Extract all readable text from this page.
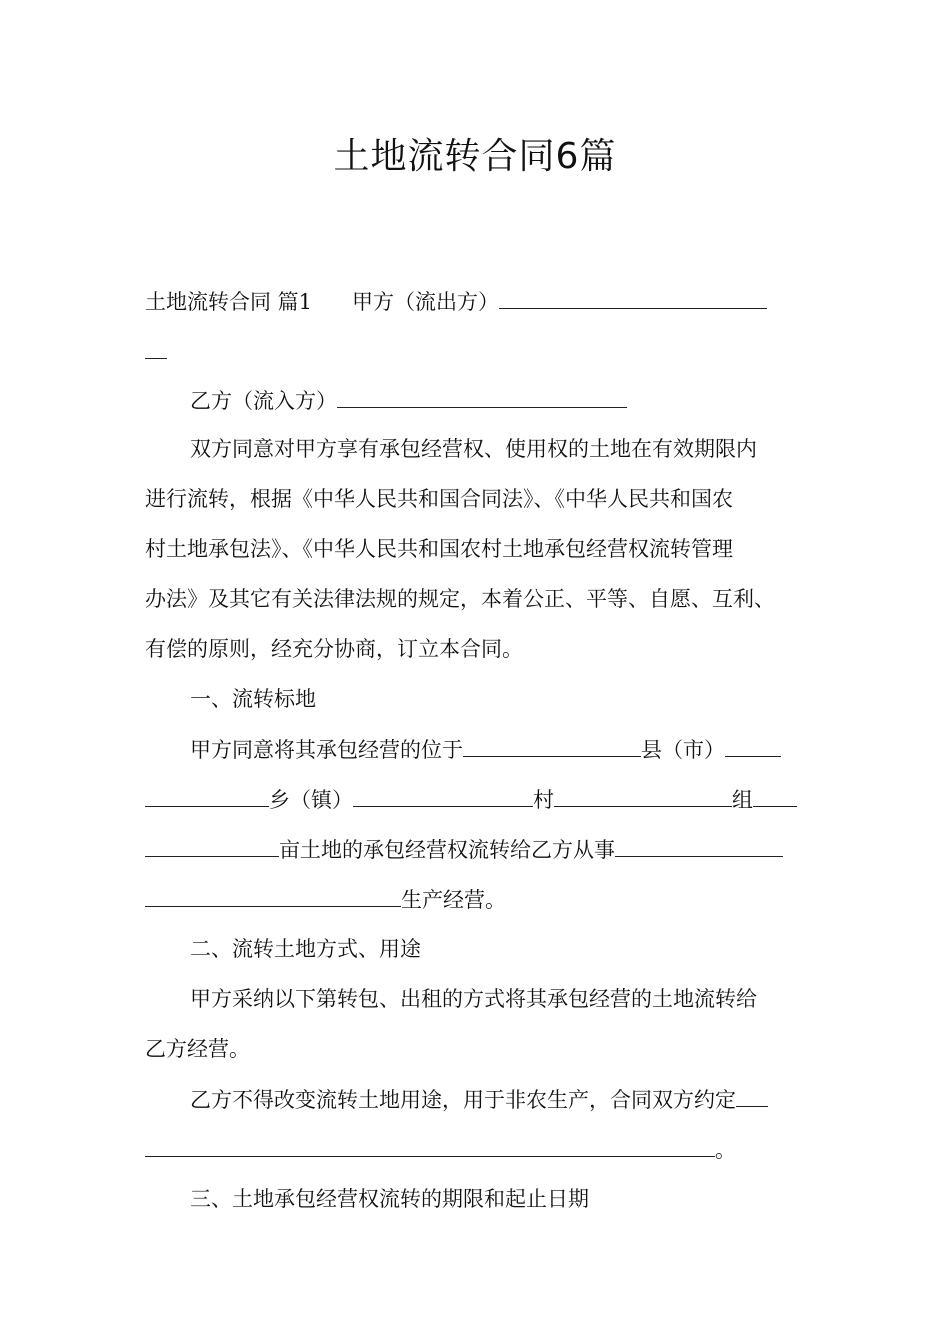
土地流转合同6篇
土地流转合同 篇1 甲方（流出方）
乙方（流入方）
双方同意对甲方享有承包经营权、使用权的土地在有效期限内
进行流转，根据《中华人民共和国合同法》、《中华人民共和国农
村土地承包法》、《中华人民共和国农村土地承包经营权流转管理
办法》及其它有关法律法规的规定，本着公正、平等、自愿、互利、
有偿的原则，经充分协商，订立本合同。
一、流转标地
甲方同意将其承包经营的位于	县（市）
乡（镇）	村	组
亩土地的承包经营权流转给乙方从事
生产经营。
二、流转土地方式、用途
甲方采纳以下第转包、出租的方式将其承包经营的土地流转给
乙方经营。
乙方不得改变流转土地用途，用于非农生产，合同双方约定
。
三、土地承包经营权流转的期限和起止日期
